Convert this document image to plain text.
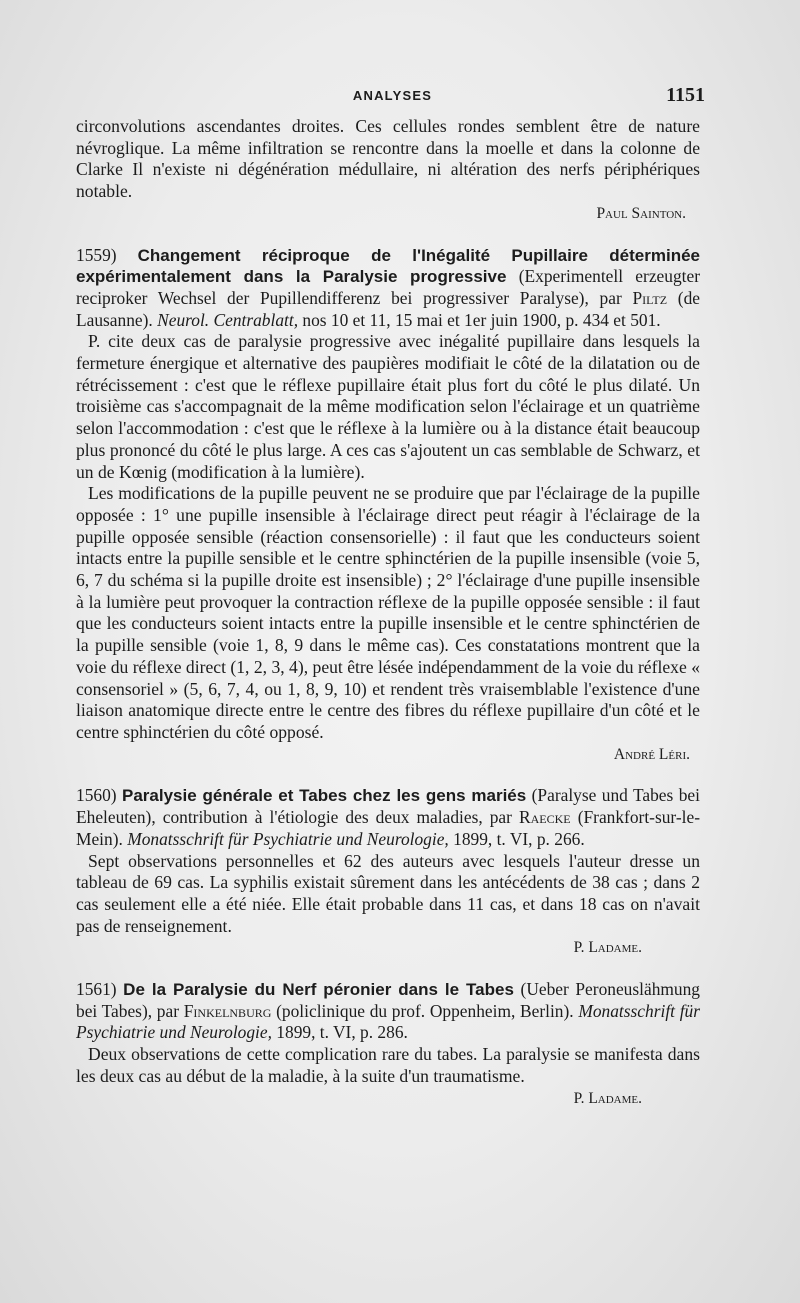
ANALYSES	1151

circonvolutions ascendantes droites. Ces cellules rondes semblent être de nature névroglique. La même infiltration se rencontre dans la moelle et dans la colonne de Clarke Il n'existe ni dégénération médullaire, ni altération des nerfs périphériques notable.

Paul Sainton.

1559) Changement réciproque de l'Inégalité Pupillaire déterminée expérimentalement dans la Paralysie progressive (Experimentell erzeugter reciproker Wechsel der Pupillendifferenz bei progressiver Paralyse), par Piltz (de Lausanne). Neurol. Centrablatt, nos 10 et 11, 15 mai et 1er juin 1900, p. 434 et 501.

P. cite deux cas de paralysie progressive avec inégalité pupillaire dans lesquels la fermeture énergique et alternative des paupières modifiait le côté de la dilatation ou de rétrécissement : c'est que le réflexe pupillaire était plus fort du côté le plus dilaté. Un troisième cas s'accompagnait de la même modification selon l'éclairage et un quatrième selon l'accommodation : c'est que le réflexe à la lumière ou à la distance était beaucoup plus prononcé du côté le plus large. A ces cas s'ajoutent un cas semblable de Schwarz, et un de Kœnig (modification à la lumière).

Les modifications de la pupille peuvent ne se produire que par l'éclairage de la pupille opposée : 1° une pupille insensible à l'éclairage direct peut réagir à l'éclairage de la pupille opposée sensible (réaction consensorielle) : il faut que les conducteurs soient intacts entre la pupille sensible et le centre sphinctérien de la pupille insensible (voie 5, 6, 7 du schéma si la pupille droite est insensible) ; 2° l'éclairage d'une pupille insensible à la lumière peut provoquer la contraction réflexe de la pupille opposée sensible : il faut que les conducteurs soient intacts entre la pupille insensible et le centre sphinctérien de la pupille sensible (voie 1, 8, 9 dans le même cas). Ces constatations montrent que la voie du réflexe direct (1, 2, 3, 4), peut être lésée indépendamment de la voie du réflexe « consensoriel » (5, 6, 7, 4, ou 1, 8, 9, 10) et rendent très vraisemblable l'existence d'une liaison anatomique directe entre le centre des fibres du réflexe pupillaire d'un côté et le centre sphinctérien du côté opposé.

André Léri.

1560) Paralysie générale et Tabes chez les gens mariés (Paralyse und Tabes bei Eheleuten), contribution à l'étiologie des deux maladies, par Raecke (Frankfort-sur-le-Mein). Monatsschrift für Psychiatrie und Neurologie, 1899, t. VI, p. 266.

Sept observations personnelles et 62 des auteurs avec lesquels l'auteur dresse un tableau de 69 cas. La syphilis existait sûrement dans les antécédents de 38 cas ; dans 2 cas seulement elle a été niée. Elle était probable dans 11 cas, et dans 18 cas on n'avait pas de renseignement.

P. Ladame.

1561) De la Paralysie du Nerf péronier dans le Tabes (Ueber Peroneuslähmung bei Tabes), par Finkelnburg (policlinique du prof. Oppenheim, Berlin). Monatsschrift für Psychiatrie und Neurologie, 1899, t. VI, p. 286.

Deux observations de cette complication rare du tabes. La paralysie se manifesta dans les deux cas au début de la maladie, à la suite d'un traumatisme.

P. Ladame.
